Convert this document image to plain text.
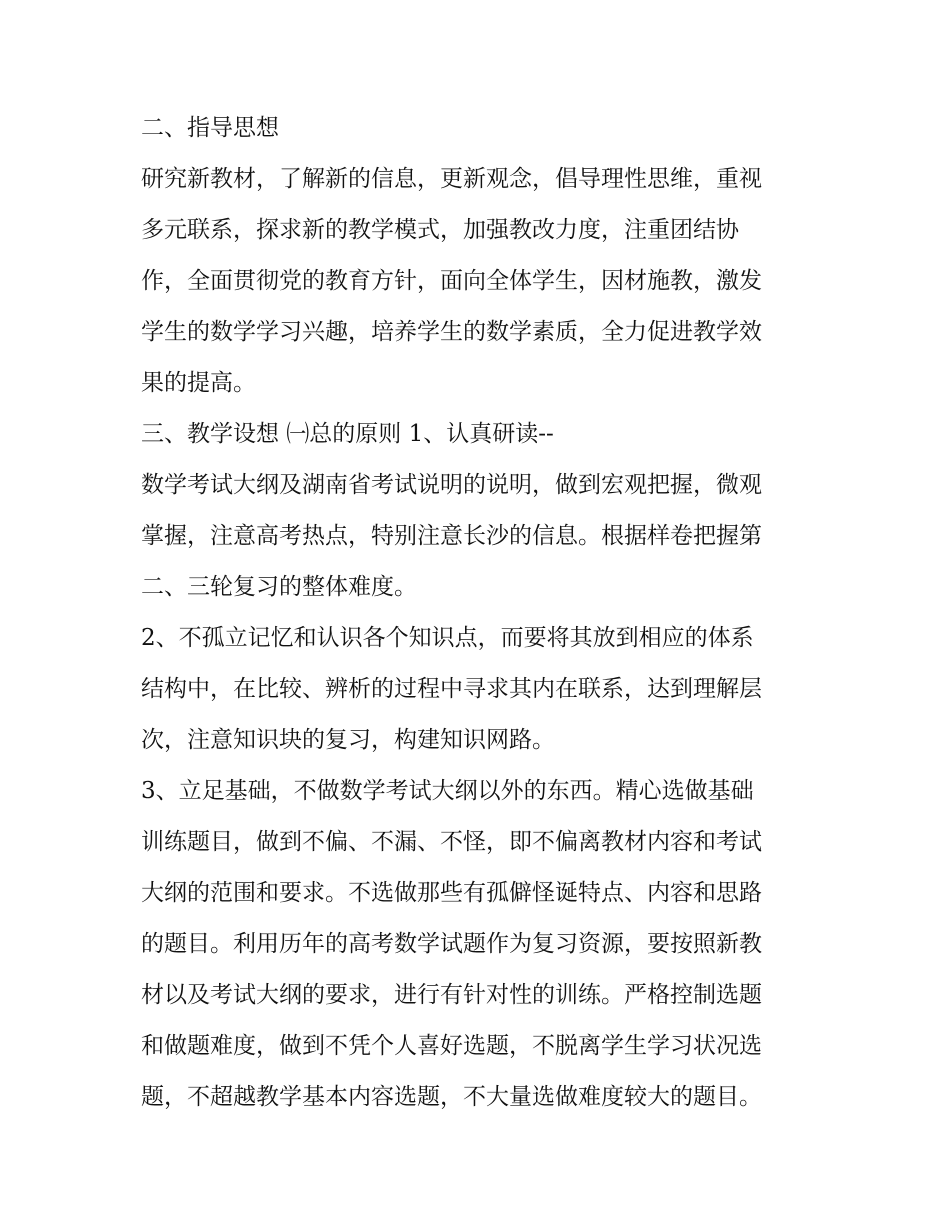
二、指导思想
研究新教材，了解新的信息，更新观念，倡导理性思维，重视
多元联系，探求新的教学模式，加强教改力度，注重团结协
作，全面贯彻党的教育方针，面向全体学生，因材施教，激发
学生的数学学习兴趣，培养学生的数学素质，全力促进教学效
果的提高。
三、教学设想 ㈠总的原则 1、认真研读--
数学考试大纲及湖南省考试说明的说明，做到宏观把握，微观
掌握，注意高考热点，特别注意长沙的信息。根据样卷把握第
二、三轮复习的整体难度。
2、不孤立记忆和认识各个知识点，而要将其放到相应的体系
结构中，在比较、辨析的过程中寻求其内在联系，达到理解层
次，注意知识块的复习，构建知识网路。
3、立足基础，不做数学考试大纲以外的东西。精心选做基础
训练题目，做到不偏、不漏、不怪，即不偏离教材内容和考试
大纲的范围和要求。不选做那些有孤僻怪诞特点、内容和思路
的题目。利用历年的高考数学试题作为复习资源，要按照新教
材以及考试大纲的要求，进行有针对性的训练。严格控制选题
和做题难度，做到不凭个人喜好选题，不脱离学生学习状况选
题，不超越教学基本内容选题，不大量选做难度较大的题目。
